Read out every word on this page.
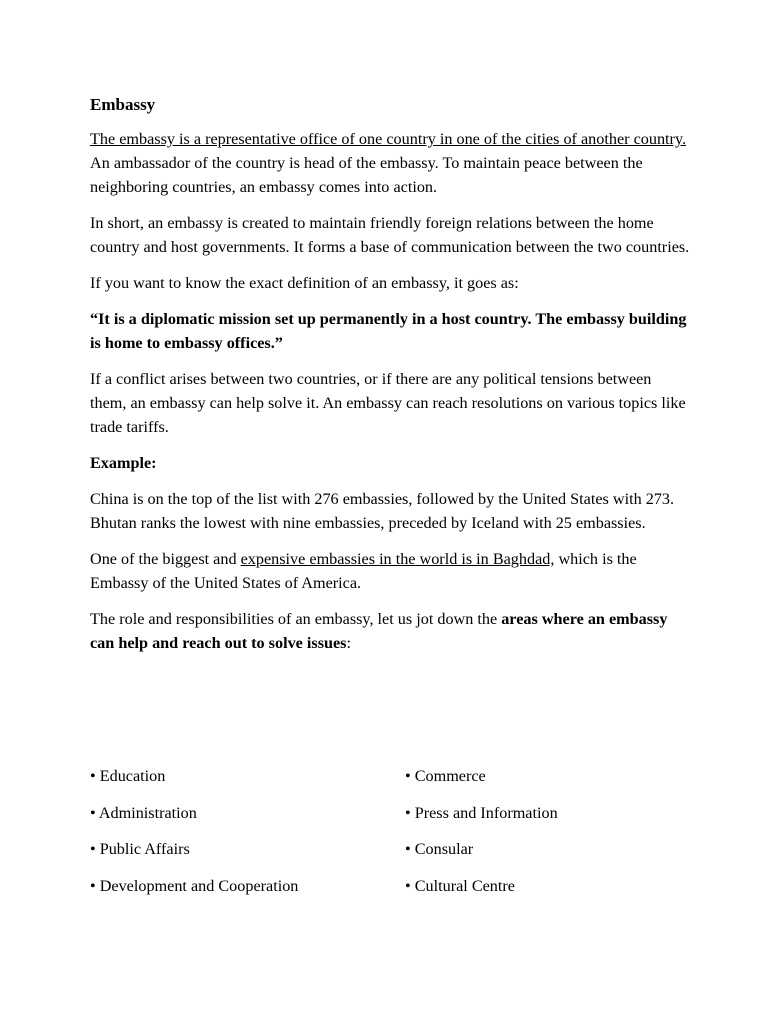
Embassy

The embassy is a representative office of one country in one of the cities of another country. An ambassador of the country is head of the embassy. To maintain peace between the neighboring countries, an embassy comes into action.

In short, an embassy is created to maintain friendly foreign relations between the home country and host governments. It forms a base of communication between the two countries.

If you want to know the exact definition of an embassy, it goes as:

“It is a diplomatic mission set up permanently in a host country. The embassy building is home to embassy offices.”

If a conflict arises between two countries, or if there are any political tensions between them, an embassy can help solve it. An embassy can reach resolutions on various topics like trade tariffs.

Example:

China is on the top of the list with 276 embassies, followed by the United States with 273. Bhutan ranks the lowest with nine embassies, preceded by Iceland with 25 embassies.

One of the biggest and expensive embassies in the world is in Baghdad, which is the Embassy of the United States of America.

The role and responsibilities of an embassy, let us jot down the areas where an embassy can help and reach out to solve issues:

• Education	• Commerce
• Administration	• Press and Information
• Public Affairs	• Consular
• Development and Cooperation	• Cultural Centre
